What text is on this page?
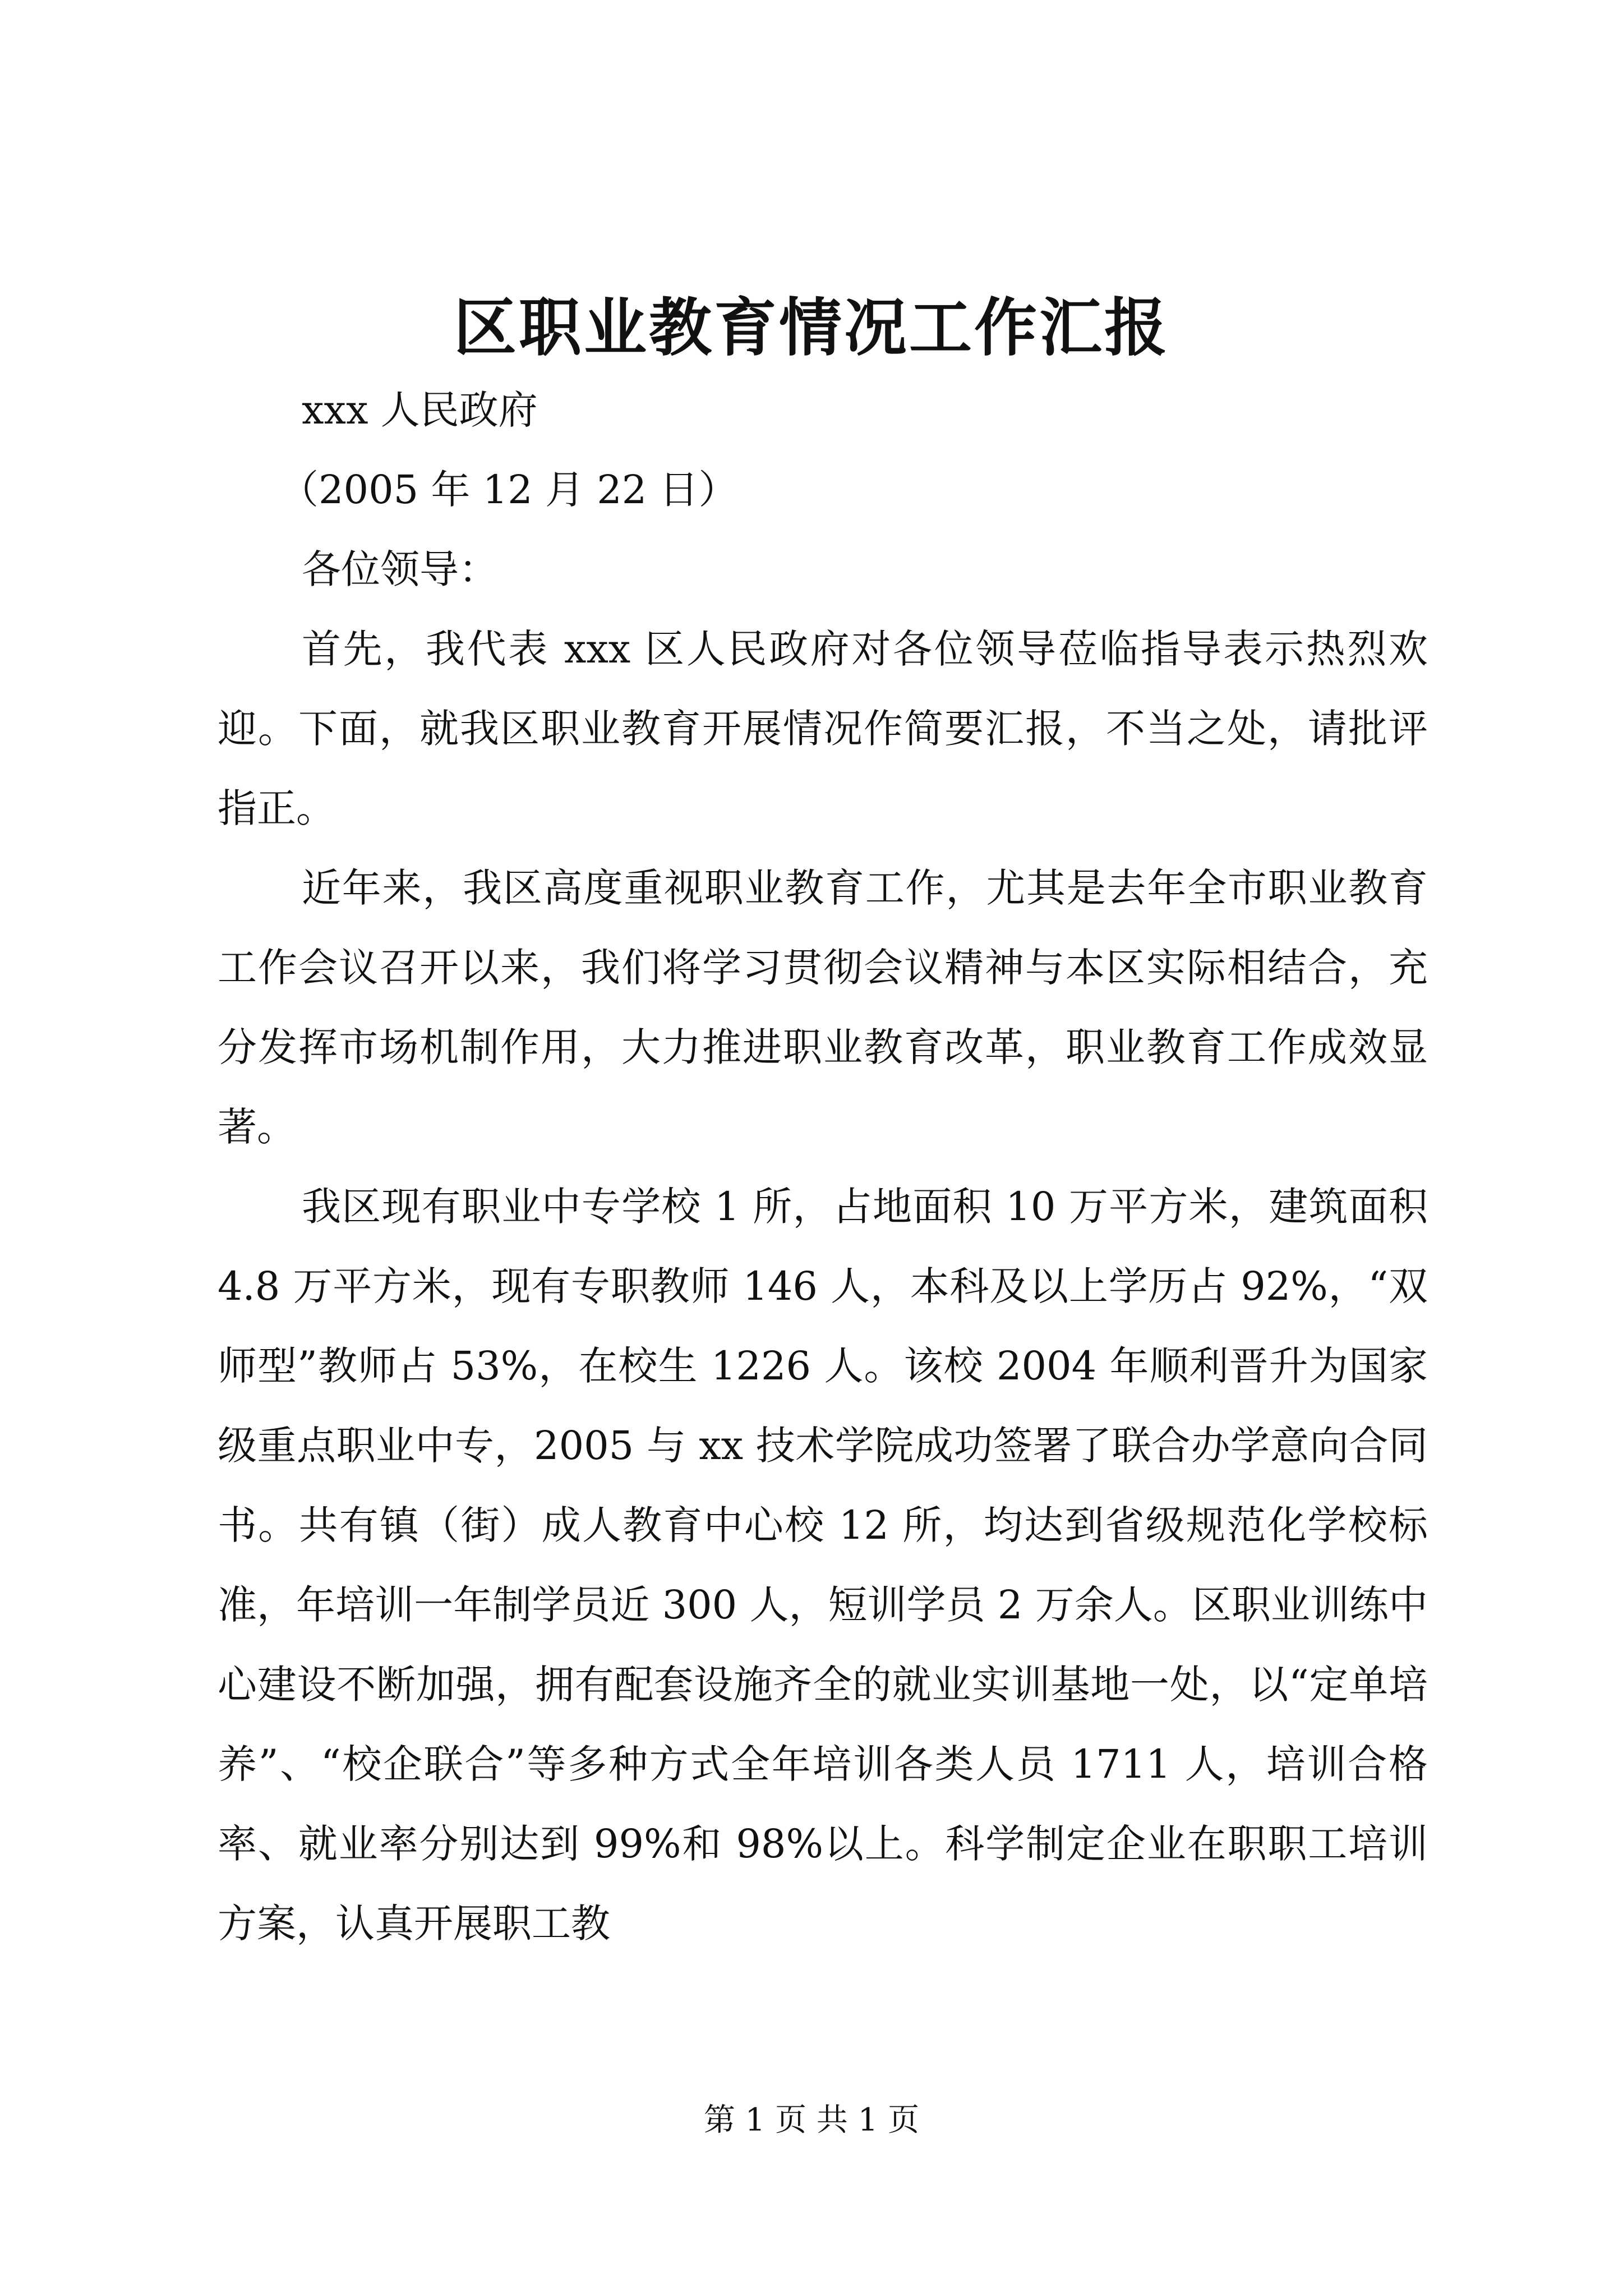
区职业教育情况工作汇报

xxx 人民政府

（2005 年 12 月 22 日）

各位领导：

首先，我代表 xxx 区人民政府对各位领导莅临指导表示热烈欢迎。下面，就我区职业教育开展情况作简要汇报，不当之处，请批评指正。

近年来，我区高度重视职业教育工作，尤其是去年全市职业教育工作会议召开以来，我们将学习贯彻会议精神与本区实际相结合，充分发挥市场机制作用，大力推进职业教育改革，职业教育工作成效显著。

我区现有职业中专学校 1 所，占地面积 10 万平方米，建筑面积 4.8 万平方米，现有专职教师 146 人，本科及以上学历占 92%，“双师型”教师占 53%，在校生 1226 人。该校 2004 年顺利晋升为国家级重点职业中专，2005 与 xx 技术学院成功签署了联合办学意向合同书。共有镇（街）成人教育中心校 12 所，均达到省级规范化学校标准，年培训一年制学员近 300 人，短训学员 2 万余人。区职业训练中心建设不断加强，拥有配套设施齐全的就业实训基地一处，以“定单培养”、“校企联合”等多种方式全年培训各类人员 1711 人，培训合格率、就业率分别达到 99%和 98%以上。科学制定企业在职职工培训方案，认真开展职工教

第 1 页 共 1 页
